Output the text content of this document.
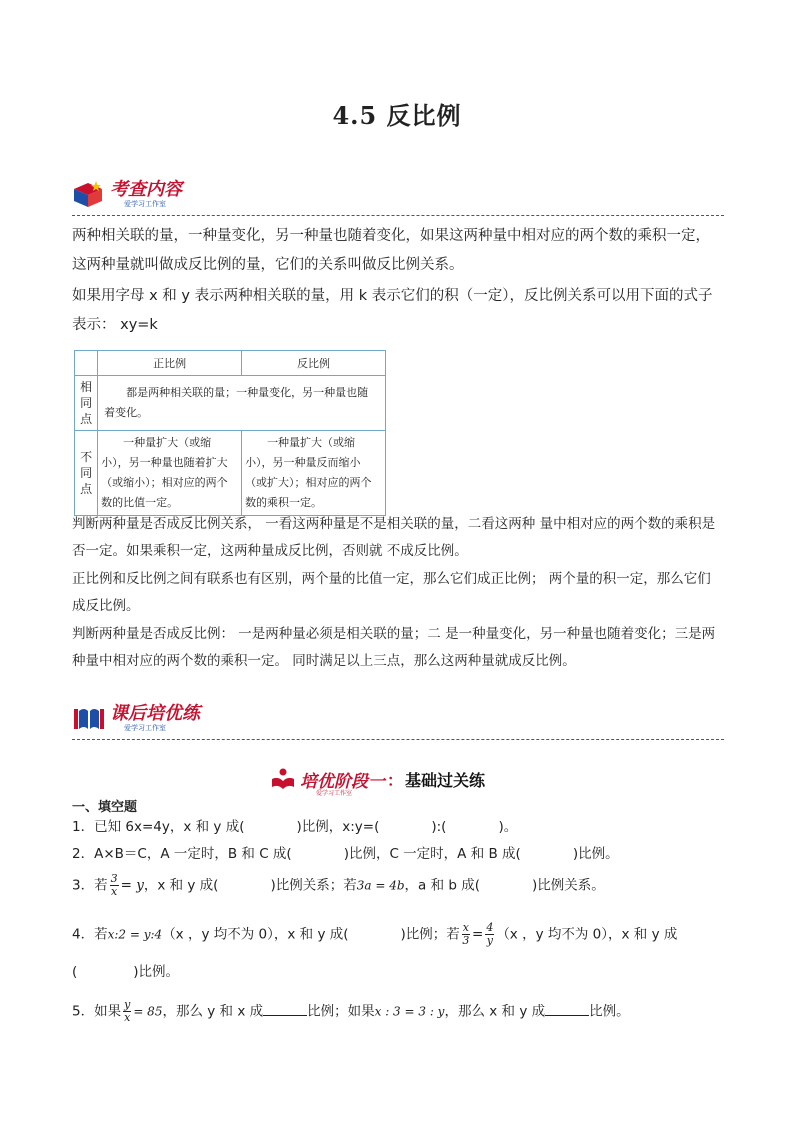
4.5 反比例
考查内容
爱学习工作室
两种相关联的量，一种量变化，另一种量也随着变化，如果这两种量中相对应的两个数的乘积一定，这两种量就叫做成反比例的量，它们的关系叫做反比例关系。
如果用字母 x 和 y 表示两种相关联的量，用 k 表示它们的积（一定），反比例关系可以用下面的式子表示： xy=k
	正比例	反比例
相同点	都是两种相关联的量；一种量变化，另一种量也随着变化。	
不同点	一种量扩大（或缩小），另一种量也随着扩大（或缩小）；相对应的两个数的比值一定。	一种量扩大（或缩小），另一种量反而缩小（或扩大）；相对应的两个数的乘积一定。
判断两种量是否成反比例关系， 一看这两种量是不是相关联的量，二看这两种 量中相对应的两个数的乘积是否一定。如果乘积一定，这两种量成反比例，否则就 不成反比例。
正比例和反比例之间有联系也有区别，两个量的比值一定，那么它们成正比例； 两个量的积一定，那么它们成反比例。
判断两种量是否成反比例： 一是两种量必须是相关联的量；二 是一种量变化，另一种量也随着变化；三是两种量中相对应的两个数的乘积一定。 同时满足以上三点，那么这两种量就成反比例。
课后培优练
爱学习工作室
培优阶段一 ： 基础过关练
爱学习工作室
一、填空题
1．已知 6x=4y，x 和 y 成(	)比例，x:y=(	):(	)。
2．A×B＝C，A 一定时，B 和 C 成(	)比例，C 一定时，A 和 B 成(	)比例。
3．若 $\frac{3}{x} = y$，x 和 y 成(	)比例关系；若3a = 4b，a 和 b 成(	)比例关系。
4．若x:2 = y:4（x ，y 均不为 0），x 和 y 成(	)比例；若 $\frac{x}{3} = \frac{4}{y} (x$ ，y 均不为 0），x 和 y 成
(	)比例。
5．如果 $\frac{y}{x} = 85$，那么 y 和 x 成	比例；如果x : 3 = 3 : y，那么 x 和 y 成	比例。
